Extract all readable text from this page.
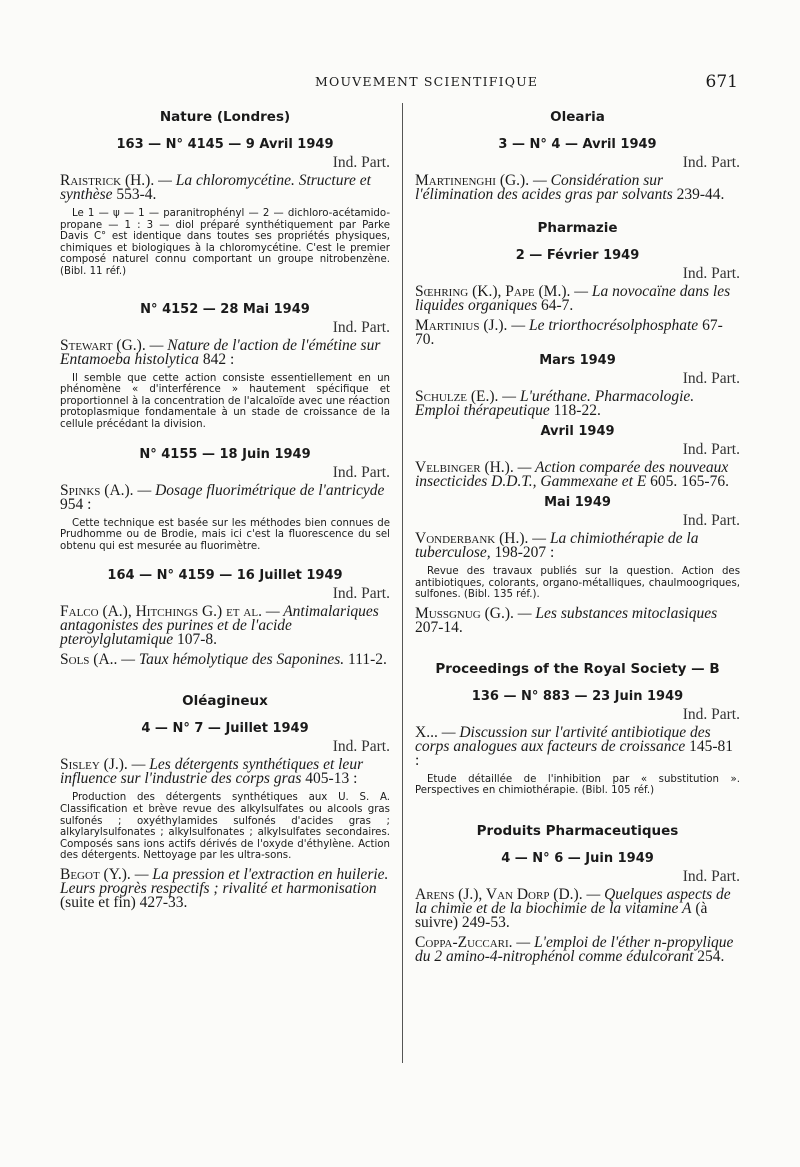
MOUVEMENT SCIENTIFIQUE	671
Nature (Londres)
163 — N° 4145 — 9 Avril 1949
Ind. Part.
Raistrick (H.). — La chloromycétine. Structure et synthèse 553-4.
Le 1 — ψ — 1 — paranitrophényl — 2 — dichloro-acétamido-propane — 1 : 3 — diol préparé synthétiquement par Parke Davis C° est identique dans toutes ses propriétés physiques, chimiques et biologiques à la chloromycétine. C'est le premier composé naturel connu comportant un groupe nitrobenzène. (Bibl. 11 réf.)
N° 4152 — 28 Mai 1949
Ind. Part.
Stewart (G.). — Nature de l'action de l'émétine sur Entamoeba histolytica 842 :
Il semble que cette action consiste essentiellement en un phénomène « d'interférence » hautement spécifique et proportionnel à la concentration de l'alcaloïde avec une réaction protoplasmique fondamentale à un stade de croissance de la cellule précédant la division.
N° 4155 — 18 Juin 1949
Ind. Part.
Spinks (A.). — Dosage fluorimétrique de l'antricyde 954 :
Cette technique est basée sur les méthodes bien connues de Prudhomme ou de Brodie, mais ici c'est la fluorescence du sel obtenu qui est mesurée au fluorimètre.
164 — N° 4159 — 16 Juillet 1949
Ind. Part.
Falco (A.), Hitchings G.) et al. — Antimalariques antagonistes des purines et de l'acide pteroylglutamique 107-8.
Sols (A.. — Taux hémolytique des Saponines. 111-2.
Oléagineux
4 — N° 7 — Juillet 1949
Ind. Part.
Sisley (J.). — Les détergents synthétiques et leur influence sur l'industrie des corps gras 405-13 :
Production des détergents synthétiques aux U. S. A. Classification et brève revue des alkylsulfates ou alcools gras sulfonés ; oxyéthylamides sulfonés d'acides gras ; alkylarylsulfonates ; alkylsulfonates ; alkylsulfates secondaires. Composés sans ions actifs dérivés de l'oxyde d'éthylène. Action des détergents. Nettoyage par les ultra-sons.
Begot (Y.). — La pression et l'extraction en huilerie. Leurs progrès respectifs ; rivalité et harmonisation (suite et fin) 427-33.
Olearia
3 — N° 4 — Avril 1949
Ind. Part.
Martinenghi (G.). — Considération sur l'élimination des acides gras par solvants 239-44.
Pharmazie
2 — Février 1949
Ind. Part.
Sœhring (K.), Pape (M.). — La novocaïne dans les liquides organiques 64-7.
Martinius (J.). — Le triorthocrésolphosphate 67-70.
Mars 1949
Ind. Part.
Schulze (E.). — L'uréthane. Pharmacologie. Emploi thérapeutique 118-22.
Avril 1949
Ind. Part.
Velbinger (H.). — Action comparée des nouveaux insecticides D.D.T., Gammexane et E 605. 165-76.
Mai 1949
Ind. Part.
Vonderbank (H.). — La chimiothérapie de la tuberculose, 198-207 :
Revue des travaux publiés sur la question. Action des antibiotiques, colorants, organo-métalliques, chaulmoogriques, sulfones. (Bibl. 135 réf.).
Mussgnug (G.). — Les substances mitoclasiques 207-14.
Proceedings of the Royal Society — B
136 — N° 883 — 23 Juin 1949
Ind. Part.
X... — Discussion sur l'artivité antibiotique des corps analogues aux facteurs de croissance 145-81 :
Etude détaillée de l'inhibition par « substitution ». Perspectives en chimiothérapie. (Bibl. 105 réf.)
Produits Pharmaceutiques
4 — N° 6 — Juin 1949
Ind. Part.
Arens (J.), Van Dorp (D.). — Quelques aspects de la chimie et de la biochimie de la vitamine A (à suivre) 249-53.
Coppa-Zuccari. — L'emploi de l'éther n-propylique du 2 amino-4-nitrophénol comme édulcorant 254.
